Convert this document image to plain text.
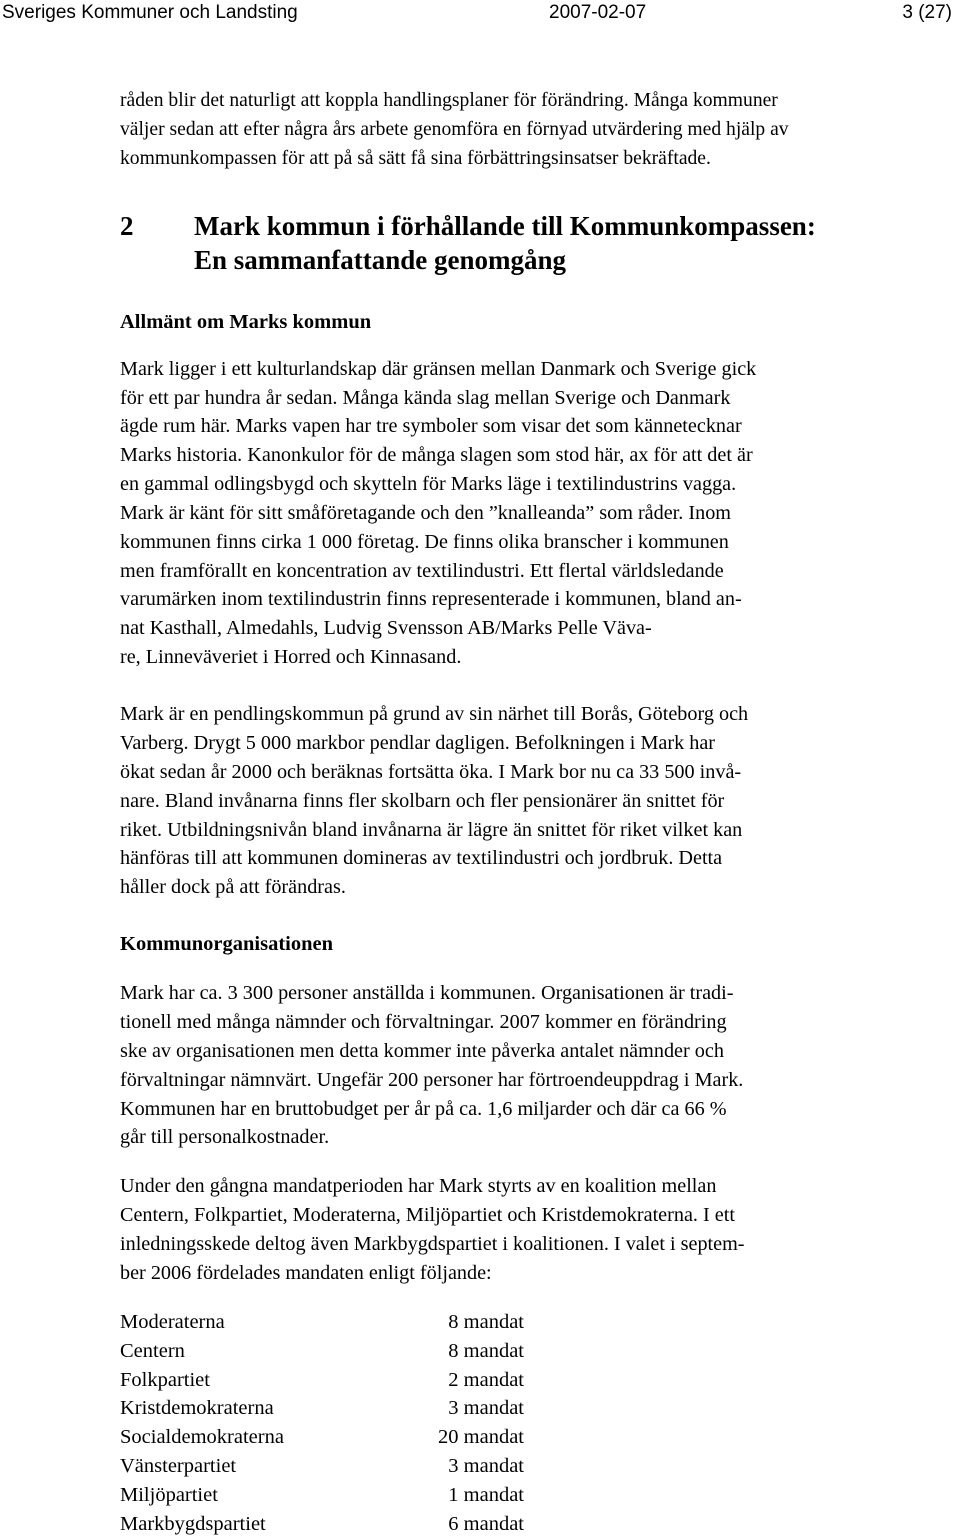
Sveriges Kommuner och Landsting	2007-02-07	3 (27)
råden blir det naturligt att koppla handlingsplaner för förändring. Många kommuner
väljer sedan att efter några års arbete genomföra en förnyad utvärdering med hjälp av
kommunkompassen för att på så sätt få sina förbättringsinsatser bekräftade.
2 Mark kommun i förhållande till Kommunkompassen:
En sammanfattande genomgång
Allmänt om Marks kommun
Mark ligger i ett kulturlandskap där gränsen mellan Danmark och Sverige gick
för ett par hundra år sedan. Många kända slag mellan Sverige och Danmark
ägde rum här. Marks vapen har tre symboler som visar det som kännetecknar
Marks historia. Kanonkulor för de många slagen som stod här, ax för att det är
en gammal odlingsbygd och skytteln för Marks läge i textilindustrins vagga.
Mark är känt för sitt småföretagande och den ”knalleanda” som råder. Inom
kommunen finns cirka 1 000 företag. De finns olika branscher i kommunen
men framförallt en koncentration av textilindustri. Ett flertal världsledande
varumärken inom textilindustrin finns representerade i kommunen, bland an-
nat Kasthall, Almedahls, Ludvig Svensson AB/Marks Pelle Väva-
re, Linneväveriet i Horred och Kinnasand.
Mark är en pendlingskommun på grund av sin närhet till Borås, Göteborg och
Varberg. Drygt 5 000 markbor pendlar dagligen. Befolkningen i Mark har
ökat sedan år 2000 och beräknas fortsätta öka. I Mark bor nu ca 33 500 invå-
nare. Bland invånarna finns fler skolbarn och fler pensionärer än snittet för
riket. Utbildningsnivån bland invånarna är lägre än snittet för riket vilket kan
hänföras till att kommunen domineras av textilindustri och jordbruk. Detta
håller dock på att förändras.
Kommunorganisationen
Mark har ca. 3 300 personer anställda i kommunen. Organisationen är tradi-
tionell med många nämnder och förvaltningar. 2007 kommer en förändring
ske av organisationen men detta kommer inte påverka antalet nämnder och
förvaltningar nämnvärt. Ungefär 200 personer har förtroendeuppdrag i Mark.
Kommunen har en bruttobudget per år på ca. 1,6 miljarder och där ca 66 %
går till personalkostnader.
Under den gångna mandatperioden har Mark styrts av en koalition mellan
Centern, Folkpartiet, Moderaterna, Miljöpartiet och Kristdemokraterna. I ett
inledningsskede deltog även Markbygdspartiet i koalitionen. I valet i septem-
ber 2006 fördelades mandaten enligt följande:
Moderaterna	8 mandat
Centern	8 mandat
Folkpartiet	2 mandat
Kristdemokraterna	3 mandat
Socialdemokraterna	20 mandat
Vänsterpartiet	3 mandat
Miljöpartiet	1 mandat
Markbygdspartiet	6 mandat
